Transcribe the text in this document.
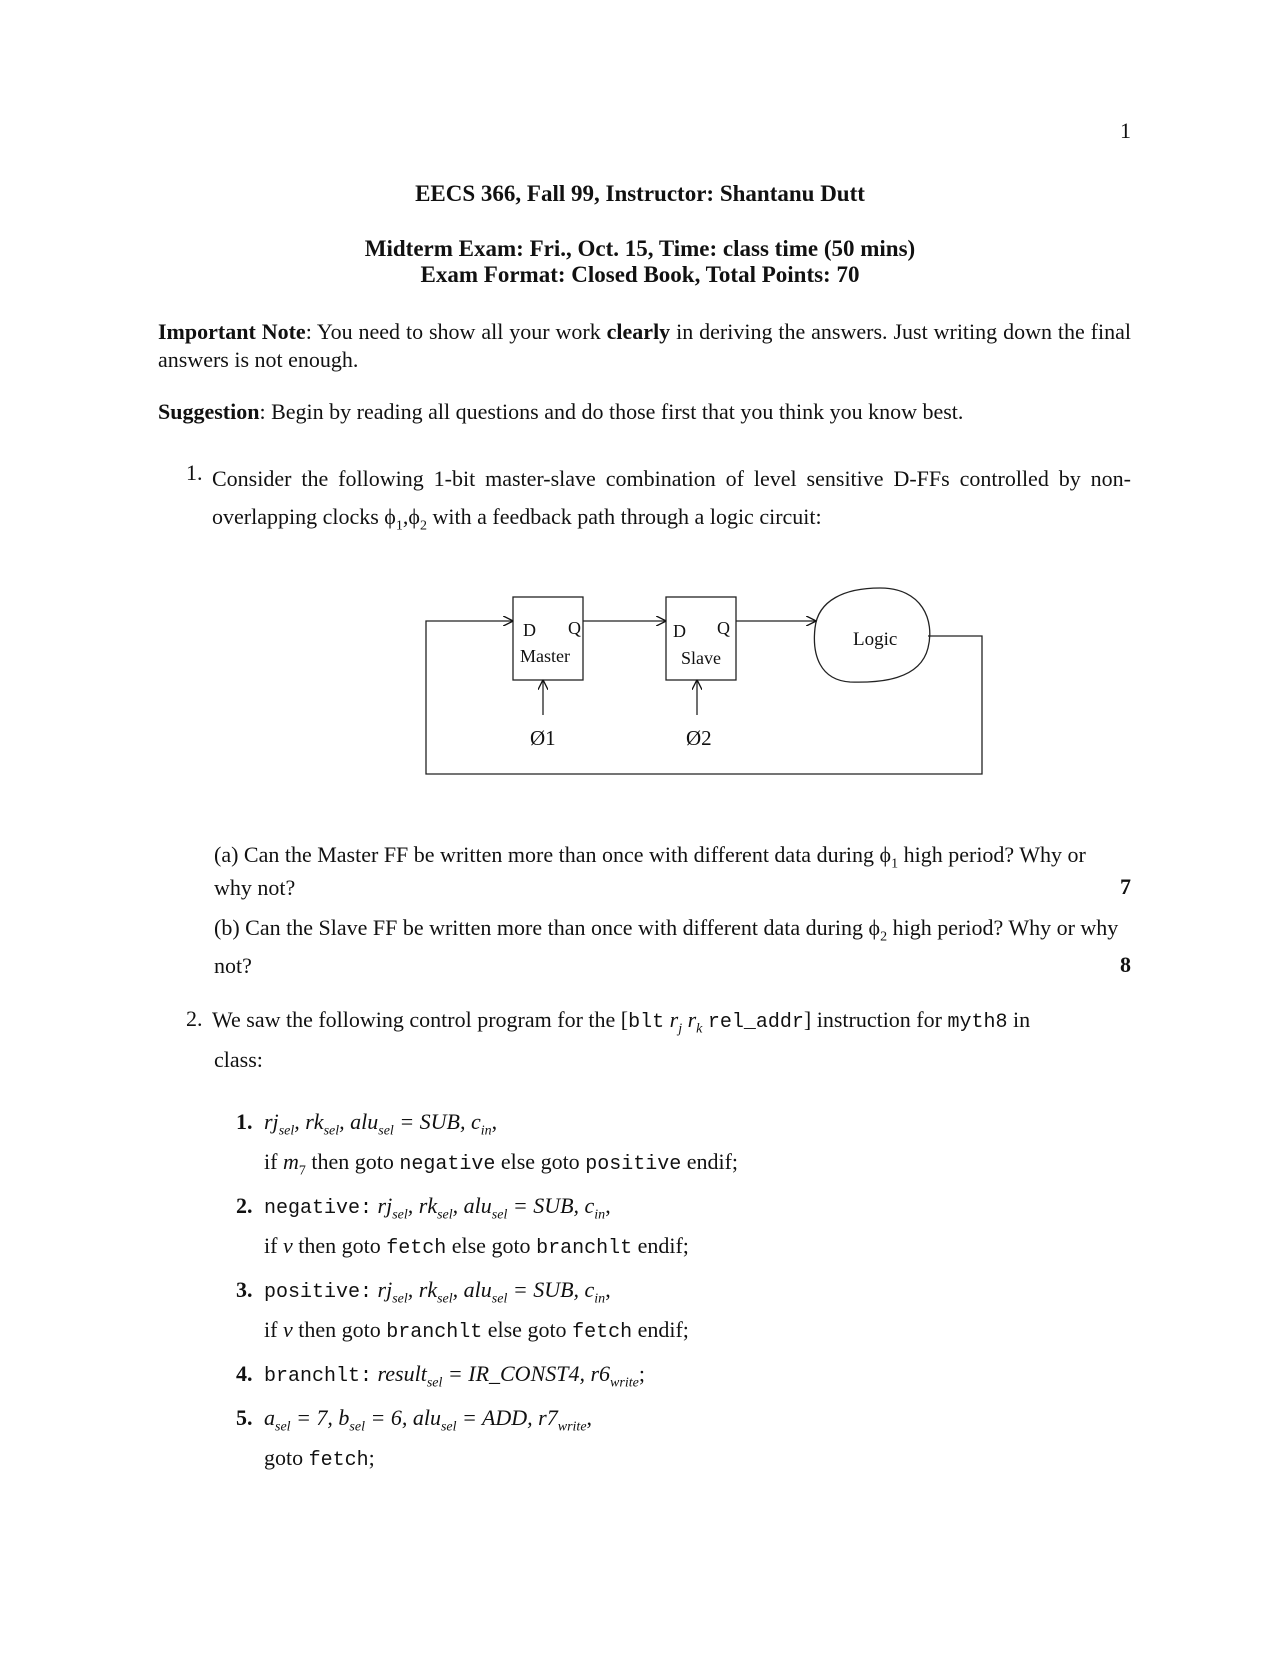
1
EECS 366, Fall 99, Instructor: Shantanu Dutt
Midterm Exam: Fri., Oct. 15, Time: class time (50 mins)
Exam Format: Closed Book, Total Points: 70
Important Note: You need to show all your work clearly in deriving the answers. Just writing down the final answers is not enough.
Suggestion: Begin by reading all questions and do those first that you think you know best.
1. Consider the following 1-bit master-slave combination of level sensitive D-FFs controlled by non-overlapping clocks $\phi_1,\phi_2$ with a feedback path through a logic circuit:
D Q
Master
D Q
Slave
Logic
Ø1	Ø2
(a) Can the Master FF be written more than once with different data during $\phi_1$ high period? Why or
why not?	7
(b) Can the Slave FF be written more than once with different data during $\phi_2$ high period? Why or why
not?	8
2. We saw the following control program for the [blt $r_j$ $r_k$ rel_addr] instruction for myth8 in
class:
1. $rj_{sel}$, $rk_{sel}$, alu$_{sel}$ = SUB, $c_{in}$,
if $m_7$ then goto negative else goto positive endif;
2. negative: $rj_{sel}$, $rk_{sel}$, alu$_{sel}$ = SUB, $c_{in}$,
if v then goto fetch else goto branchlt endif;
3. positive: $rj_{sel}$, $rk_{sel}$, alu$_{sel}$ = SUB, $c_{in}$,
if v then goto branchlt else goto fetch endif;
4. branchlt: result$_{sel}$ = IR_CONST4, $r6_{write}$;
5. $a_{sel} = 7$, $b_{sel} = 6$, alu$_{sel}$ = ADD, $r7_{write}$,
goto fetch;
